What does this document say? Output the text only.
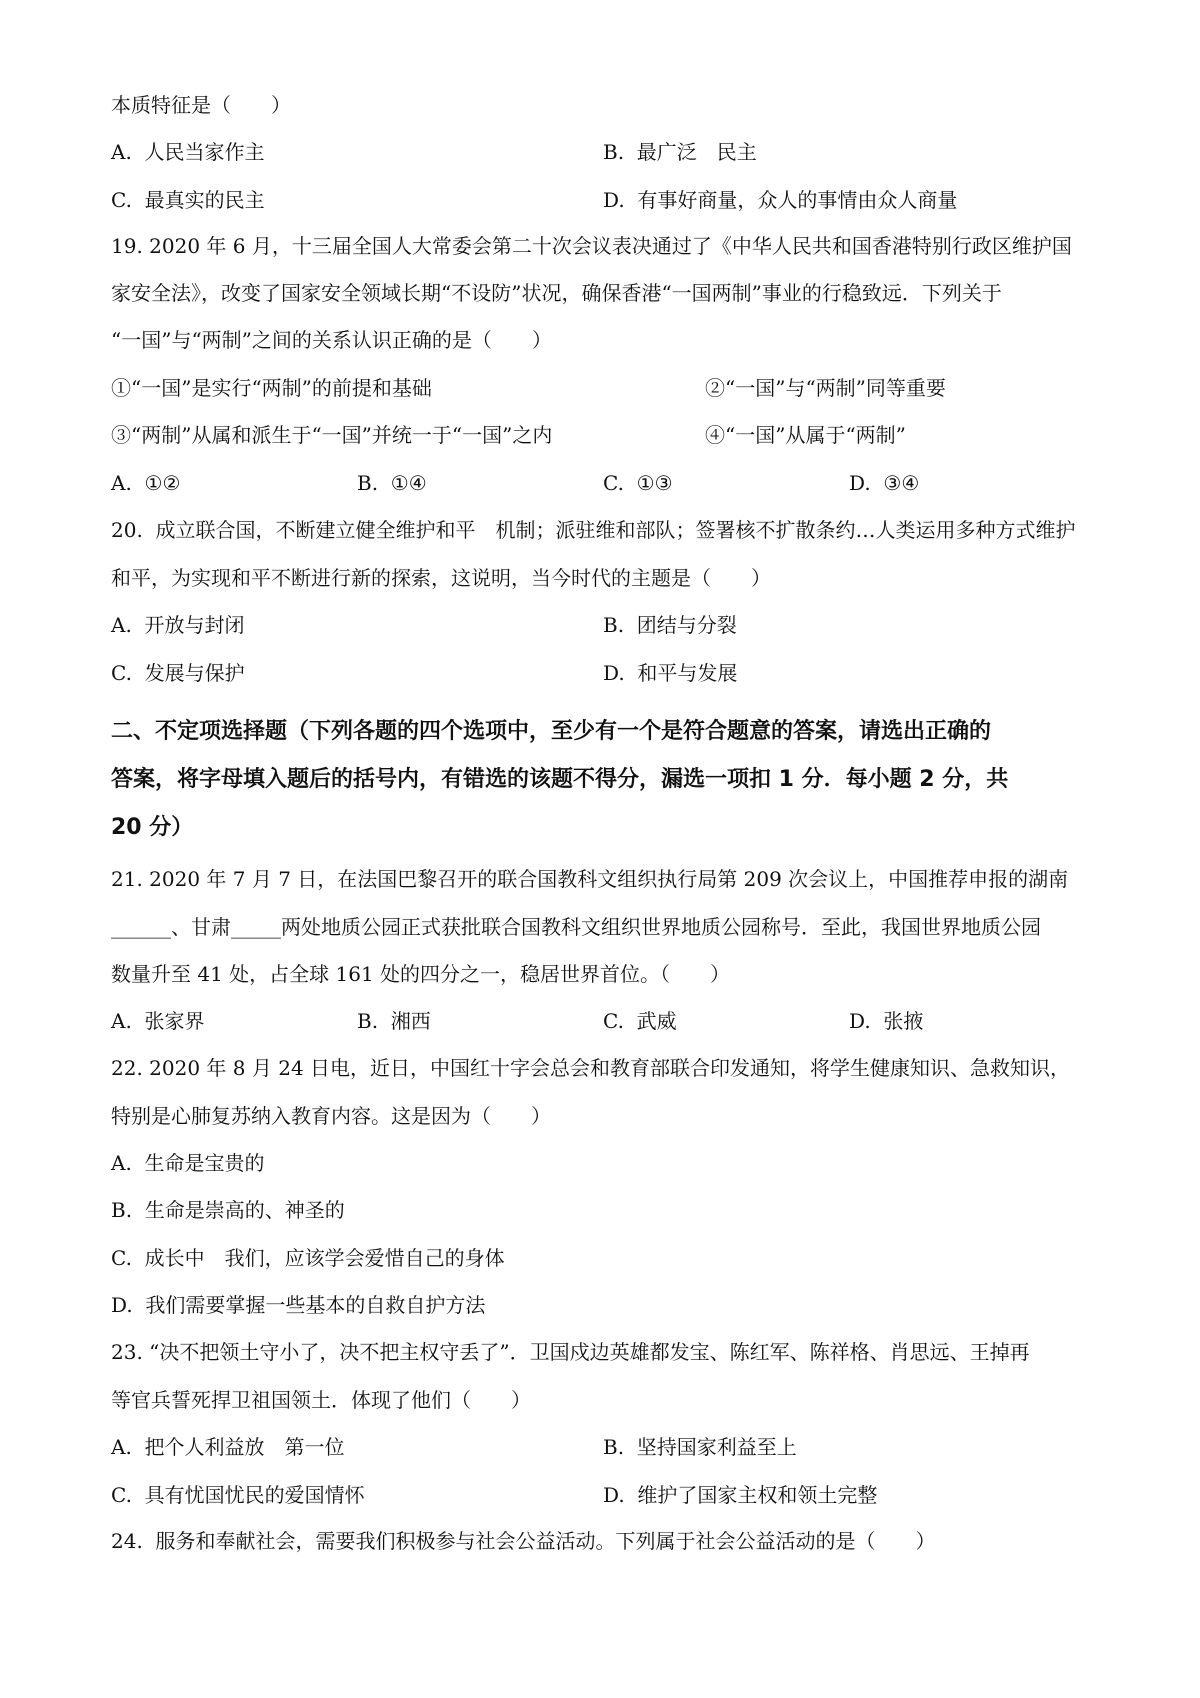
本质特征是（　　）
A.  人民当家作主	B.  最广泛　民主
C.  最真实的民主	D.  有事好商量，众人的事情由众人商量
19. 2020 年 6 月，十三届全国人大常委会第二十次会议表决通过了《中华人民共和国香港特别行政区维护国
家安全法》，改变了国家安全领域长期“不设防”状况，确保香港“一国两制”事业的行稳致远．下列关于
“一国”与“两制”之间的关系认识正确的是（　　）
①“一国”是实行“两制”的前提和基础	②“一国”与“两制”同等重要
③“两制”从属和派生于“一国”并统一于“一国”之内	④“一国”从属于“两制”
A.  ①②	B.  ①④	C.  ①③	D.  ③④
20.  成立联合国，不断建立健全维护和平　机制；派驻维和部队；签署核不扩散条约…人类运用多种方式维护
和平，为实现和平不断进行新的探索，这说明，当今时代的主题是（　　）
A.  开放与封闭	B.  团结与分裂
C.  发展与保护	D.  和平与发展
二、不定项选择题（下列各题的四个选项中，至少有一个是符合题意的答案，请选出正确的
答案，将字母填入题后的括号内，有错选的该题不得分，漏选一项扣 1 分．每小题 2 分，共
20 分）
21. 2020 年 7 月 7 日，在法国巴黎召开的联合国教科文组织执行局第 209 次会议上，中国推荐申报的湖南
______、甘肃_____两处地质公园正式获批联合国教科文组织世界地质公园称号．至此，我国世界地质公园
数量升至 41 处，占全球 161 处的四分之一，稳居世界首位。（　　）
A.  张家界	B.  湘西	C.  武威	D.  张掖
22. 2020 年 8 月 24 日电，近日，中国红十字会总会和教育部联合印发通知，将学生健康知识、急救知识，
特别是心肺复苏纳入教育内容。这是因为（　　）
A.  生命是宝贵的
B.  生命是崇高的、神圣的
C.  成长中　我们，应该学会爱惜自己的身体
D.  我们需要掌握一些基本的自救自护方法
23. “决不把领土守小了，决不把主权守丢了”．卫国戍边英雄都发宝、陈红军、陈祥格、肖思远、王掉再
等官兵誓死捍卫祖国领土．体现了他们（　　）
A.  把个人利益放　第一位	B.  坚持国家利益至上
C.  具有忧国忧民的爱国情怀	D.  维护了国家主权和领土完整
24.  服务和奉献社会，需要我们积极参与社会公益活动。下列属于社会公益活动的是（　　）
